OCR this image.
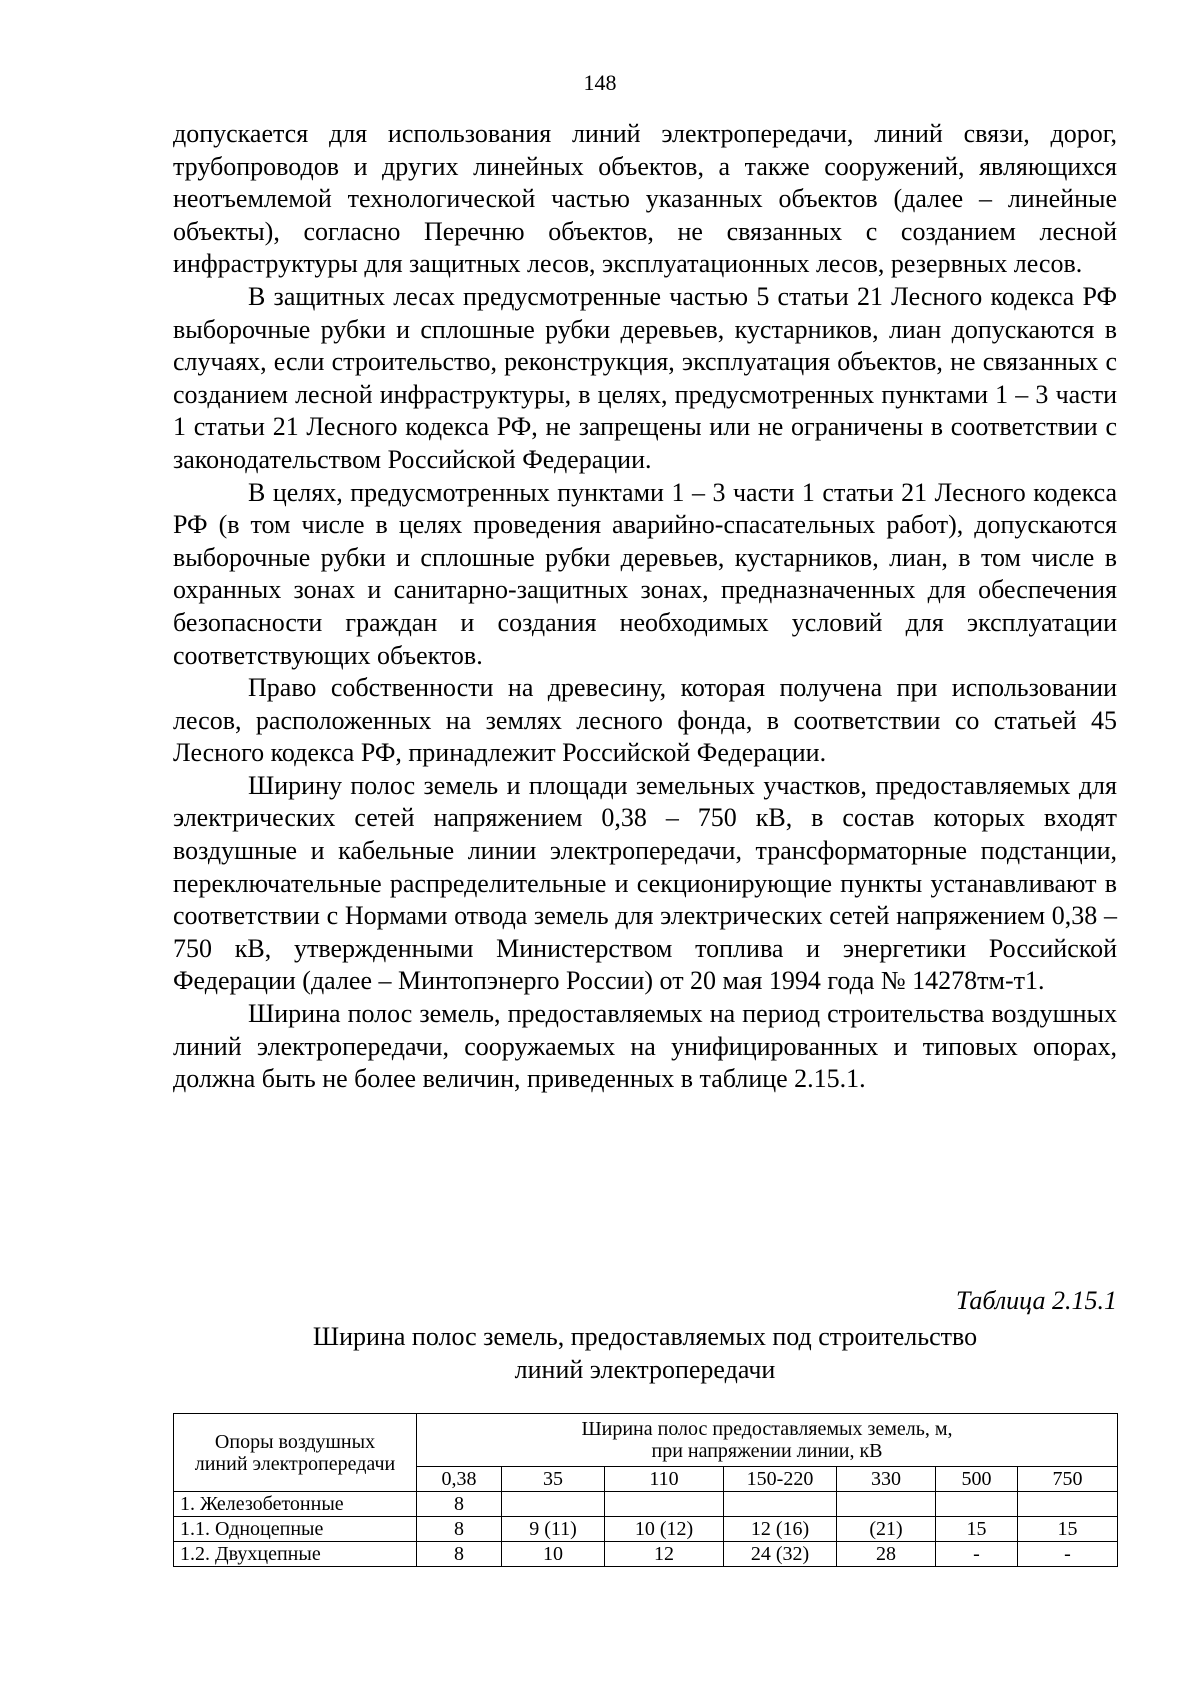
148

допускается для использования линий электропередачи, линий связи, дорог, трубопроводов и других линейных объектов, а также сооружений, являющихся неотъемлемой технологической частью указанных объектов (далее – линейные объекты), согласно Перечню объектов, не связанных с созданием лесной инфраструктуры для защитных лесов, эксплуатационных лесов, резервных лесов.

В защитных лесах предусмотренные частью 5 статьи 21 Лесного кодекса РФ выборочные рубки и сплошные рубки деревьев, кустарников, лиан допускаются в случаях, если строительство, реконструкция, эксплуатация объектов, не связанных с созданием лесной инфраструктуры, в целях, предусмотренных пунктами 1 – 3 части 1 статьи 21 Лесного кодекса РФ, не запрещены или не ограничены в соответствии с законодательством Российской Федерации.

В целях, предусмотренных пунктами 1 – 3 части 1 статьи 21 Лесного кодекса РФ (в том числе в целях проведения аварийно-спасательных работ), допускаются выборочные рубки и сплошные рубки деревьев, кустарников, лиан, в том числе в охранных зонах и санитарно-защитных зонах, предназначенных для обеспечения безопасности граждан и создания необходимых условий для эксплуатации соответствующих объектов.

Право собственности на древесину, которая получена при использовании лесов, расположенных на землях лесного фонда, в соответствии со статьей 45 Лесного кодекса РФ, принадлежит Российской Федерации.

Ширину полос земель и площади земельных участков, предоставляемых для электрических сетей напряжением 0,38 – 750 кВ, в состав которых входят воздушные и кабельные линии электропередачи, трансформаторные подстанции, переключательные распределительные и секционирующие пункты устанавливают в соответствии с Нормами отвода земель для электрических сетей напряжением 0,38 – 750 кВ, утвержденными Министерством топлива и энергетики Российской Федерации (далее – Минтопэнерго России) от 20 мая 1994 года № 14278тм-т1.

Ширина полос земель, предоставляемых на период строительства воздушных линий электропередачи, сооружаемых на унифицированных и типовых опорах, должна быть не более величин, приведенных в таблице 2.15.1.

Таблица 2.15.1
Ширина полос земель, предоставляемых под строительство
линий электропередачи
Опоры воздушных
линий электропередачи	Ширина полос предоставляемых земель, м,
при напряжении линии, кВ						

	0,38	35	110	150-220	330	500	750
1. Железобетонные	8						
1.1. Одноцепные	8	9 (11)	10 (12)	12 (16)	(21)	15	15
1.2. Двухцепные	8	10	12	24 (32)	28	-	-
